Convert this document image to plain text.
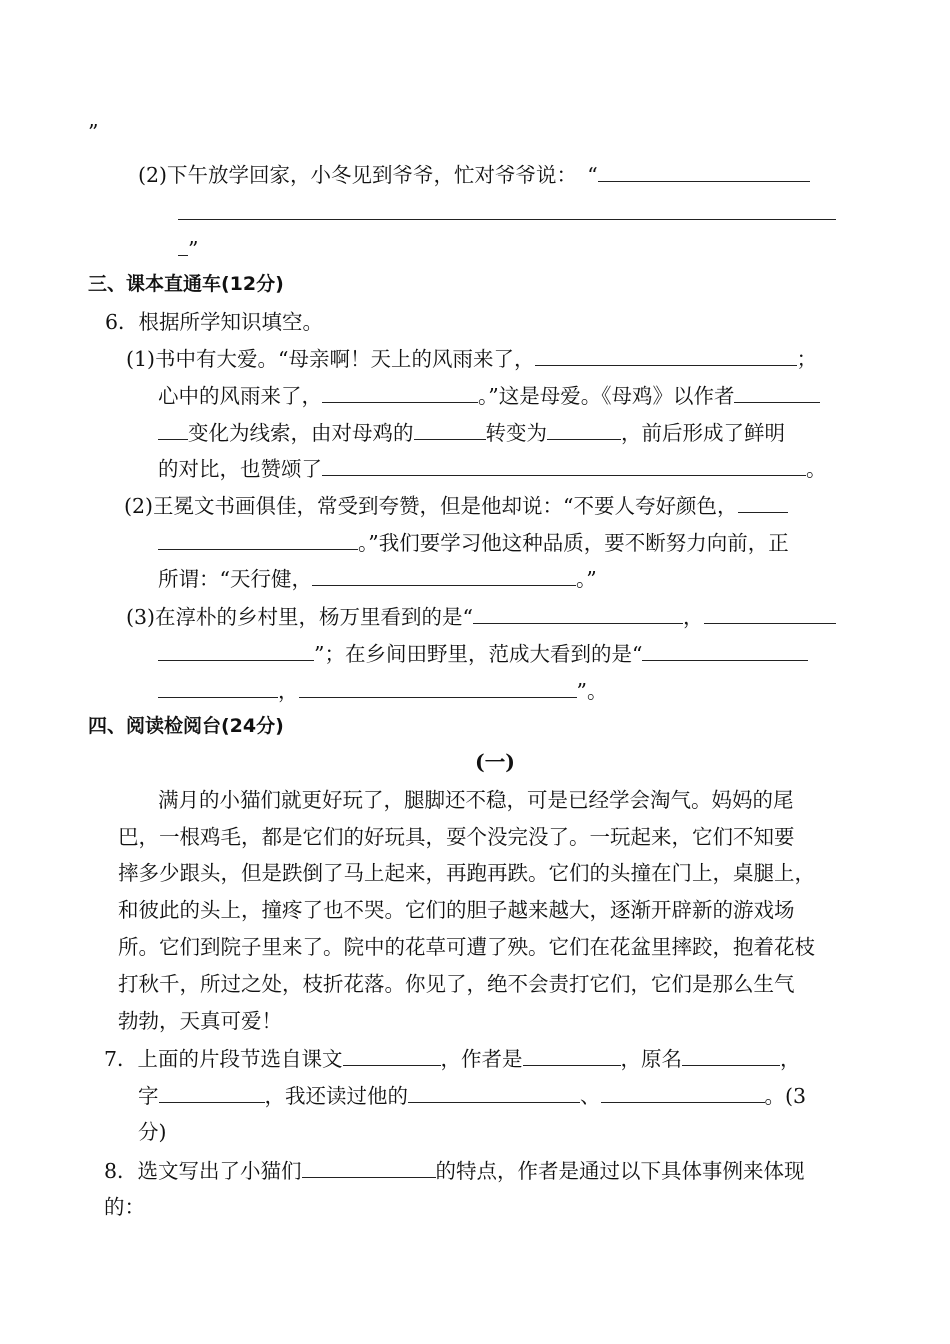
”
(2)下午放学回家，小冬见到爷爷，忙对爷爷说：　“
”
三、课本直通车(12分)
6．根据所学知识填空。
(1)书中有大爱。“母亲啊！天上的风雨来了，	；
心中的风雨来了，	。”这是母爱。《母鸡》以作者
变化为线索，由对母鸡的	转变为	，前后形成了鲜明
的对比，也赞颂了	。
(2)王冕文书画俱佳，常受到夸赞，但是他却说：“不要人夸好颜色，
。”我们要学习他这种品质，要不断努力向前，正
所谓：“天行健，	。”
(3)在淳朴的乡村里，杨万里看到的是“	，
”；在乡间田野里，范成大看到的是“
，	”。
四、阅读检阅台(24分)
(一)
满月的小猫们就更好玩了，腿脚还不稳，可是已经学会淘气。妈妈的尾
巴，一根鸡毛，都是它们的好玩具，耍个没完没了。一玩起来，它们不知要
摔多少跟头，但是跌倒了马上起来，再跑再跌。它们的头撞在门上，桌腿上，
和彼此的头上，撞疼了也不哭。它们的胆子越来越大，逐渐开辟新的游戏场
所。它们到院子里来了。院中的花草可遭了殃。它们在花盆里摔跤，抱着花枝
打秋千，所过之处，枝折花落。你见了，绝不会责打它们，它们是那么生气
勃勃，天真可爱！
7．上面的片段节选自课文	，作者是	，原名	，
字	，我还读过他的	、	。(3
分)
8．选文写出了小猫们	的特点，作者是通过以下具体事例来体现
的：
